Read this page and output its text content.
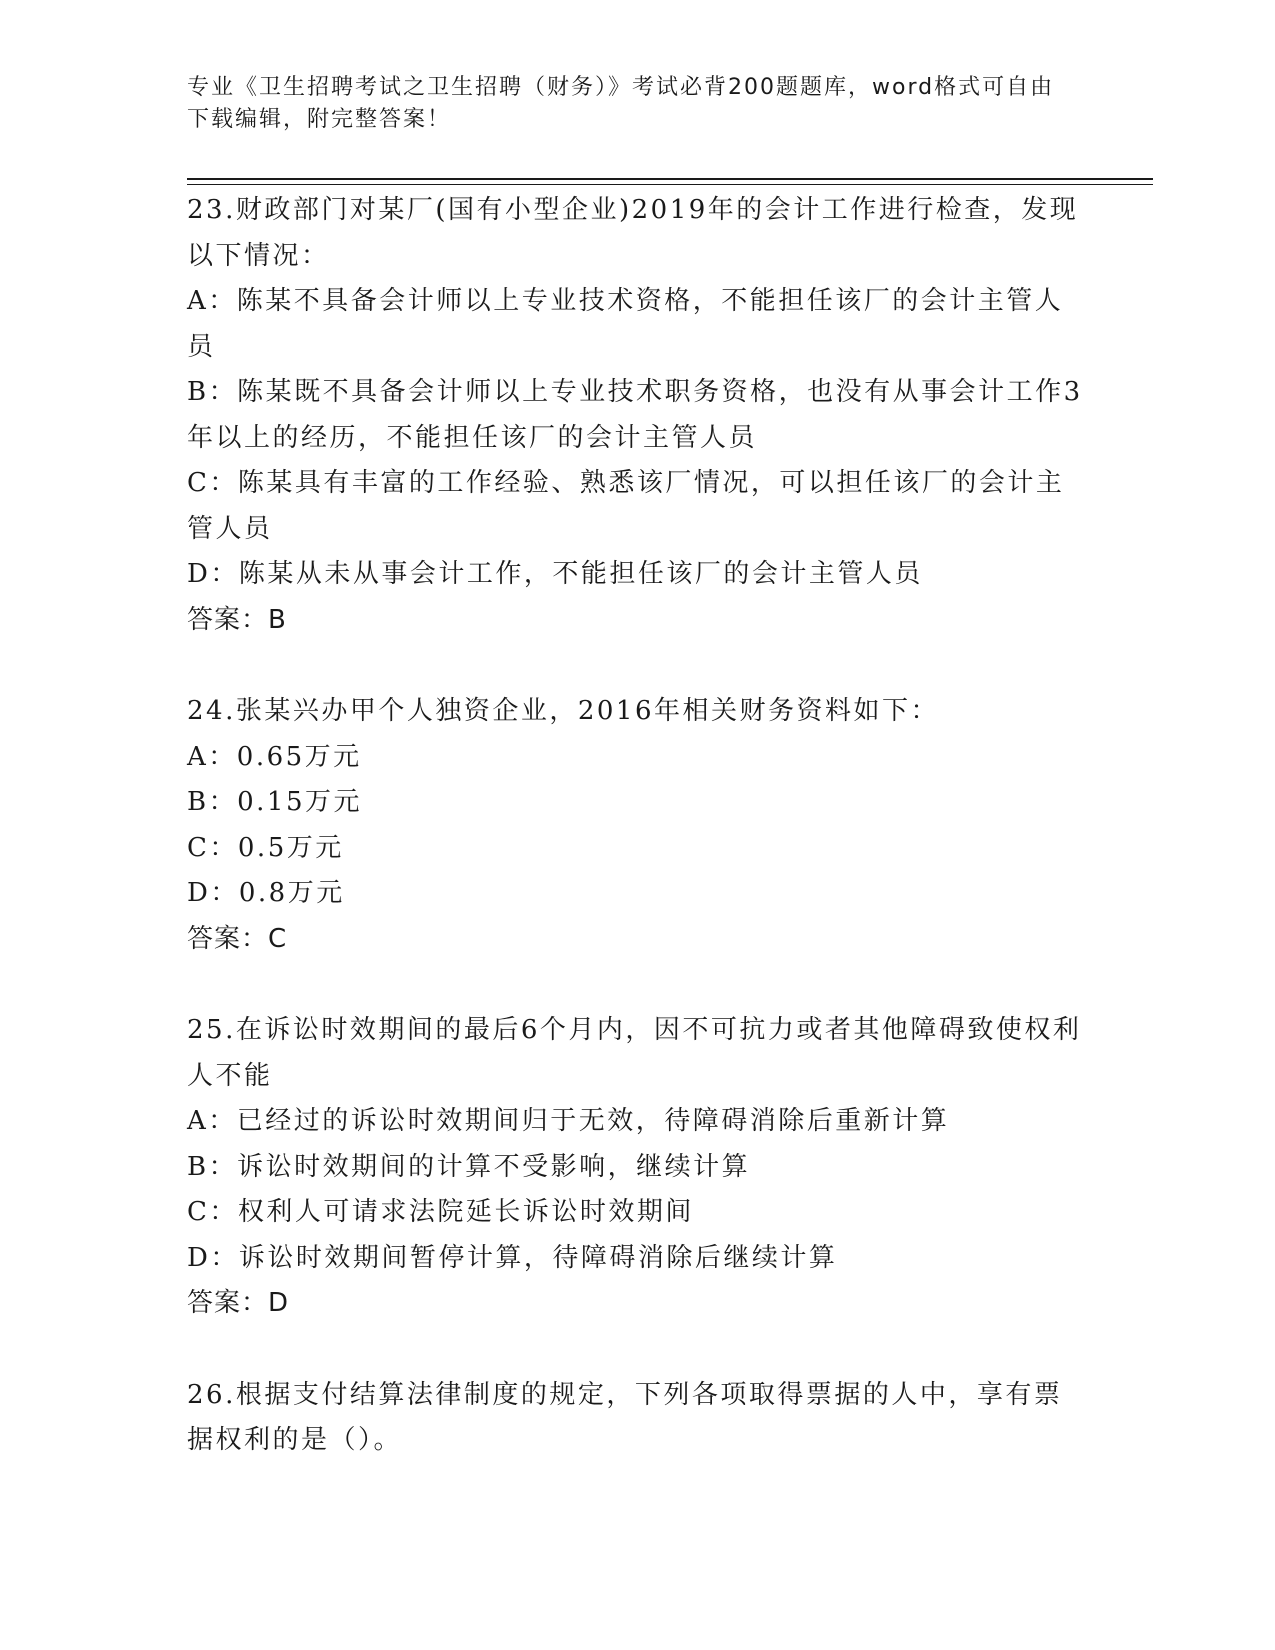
专业《卫生招聘考试之卫生招聘（财务）》考试必背200题题库，word格式可自由下载编辑，附完整答案！

23.财政部门对某厂(国有小型企业)2019年的会计工作进行检查，发现以下情况：

A：陈某不具备会计师以上专业技术资格，不能担任该厂的会计主管人员

B：陈某既不具备会计师以上专业技术职务资格，也没有从事会计工作3年以上的经历，不能担任该厂的会计主管人员

C：陈某具有丰富的工作经验、熟悉该厂情况，可以担任该厂的会计主管人员

D：陈某从未从事会计工作，不能担任该厂的会计主管人员

答案：B

24.张某兴办甲个人独资企业，2016年相关财务资料如下：

A：0.65万元

B：0.15万元

C：0.5万元

D：0.8万元

答案：C

25.在诉讼时效期间的最后6个月内，因不可抗力或者其他障碍致使权利人不能

A：已经过的诉讼时效期间归于无效，待障碍消除后重新计算

B：诉讼时效期间的计算不受影响，继续计算

C：权利人可请求法院延长诉讼时效期间

D：诉讼时效期间暂停计算，待障碍消除后继续计算

答案：D

26.根据支付结算法律制度的规定，下列各项取得票据的人中，享有票据权利的是（）。
